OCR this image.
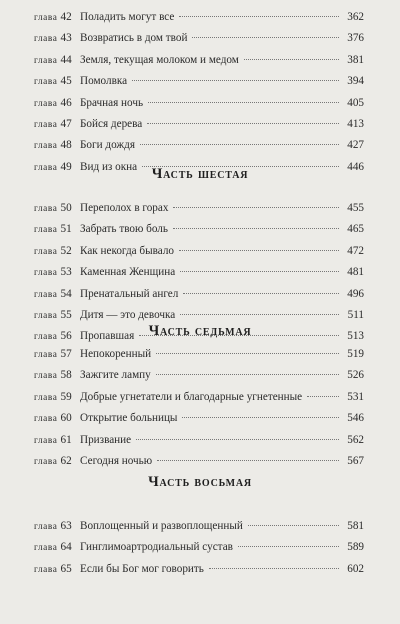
Часть шестая
Часть седьмая
Часть восьмая
глава 42 Поладить могут все	362
глава 43 Возвратись в дом твой	376
глава 44 Земля, текущая молоком и медом	381
глава 45 Помолвка	394
глава 46 Брачная ночь	405
глава 47 Бойся дерева	413
глава 48 Боги дождя	427
глава 49 Вид из окна	446
глава 50 Переполох в горах	455
глава 51 Забрать твою боль	465
глава 52 Как некогда бывало	472
глава 53 Каменная Женщина	481
глава 54 Пренатальный ангел	496
глава 55 Дитя — это девочка	511
глава 56 Пропавшая	513
глава 57 Непокоренный	519
глава 58 Зажгите лампу	526
глава 59 Добрые угнетатели и благодарные угнетенные	531
глава 60 Открытие больницы	546
глава 61 Призвание	562
глава 62 Сегодня ночью	567
глава 63 Воплощенный и развоплощенный	581
глава 64 Гинглимоартродиальный сустав	589
глава 65 Если бы Бог мог говорить	602
